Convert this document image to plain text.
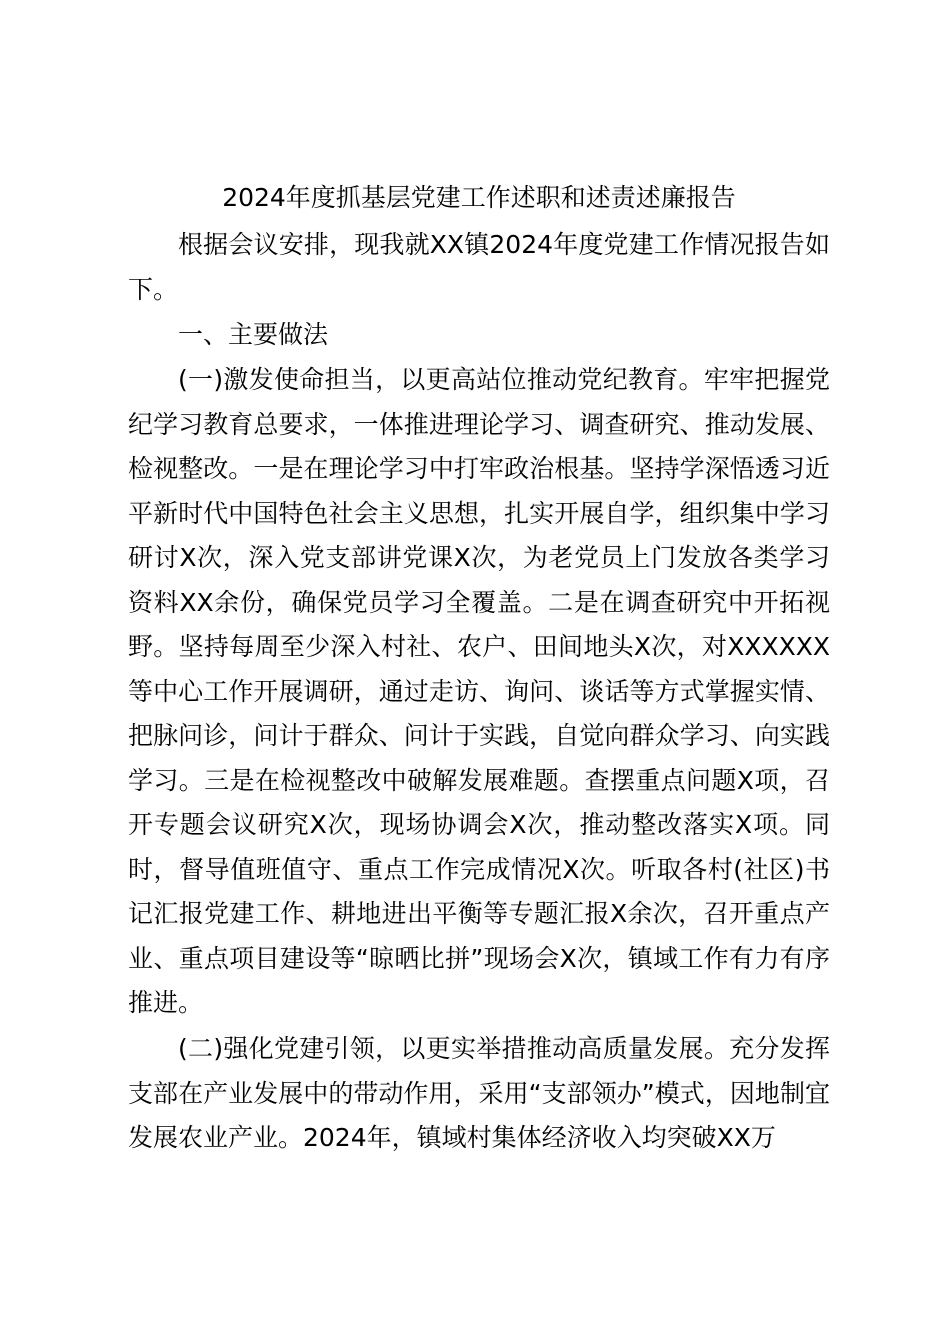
2024年度抓基层党建工作述职和述责述廉报告

根据会议安排，现我就XX镇2024年度党建工作情况报告如下。

一、主要做法

(一)激发使命担当，以更高站位推动党纪教育。牢牢把握党纪学习教育总要求，一体推进理论学习、调查研究、推动发展、检视整改。一是在理论学习中打牢政治根基。坚持学深悟透习近平新时代中国特色社会主义思想，扎实开展自学，组织集中学习研讨X次，深入党支部讲党课X次，为老党员上门发放各类学习资料XX余份，确保党员学习全覆盖。二是在调查研究中开拓视野。坚持每周至少深入村社、农户、田间地头X次，对XXXXXX等中心工作开展调研，通过走访、询问、谈话等方式掌握实情、把脉问诊，问计于群众、问计于实践，自觉向群众学习、向实践学习。三是在检视整改中破解发展难题。查摆重点问题X项，召开专题会议研究X次，现场协调会X次，推动整改落实X项。同时，督导值班值守、重点工作完成情况X次。听取各村(社区)书记汇报党建工作、耕地进出平衡等专题汇报X余次，召开重点产业、重点项目建设等“晾晒比拼”现场会X次，镇域工作有力有序推进。

(二)强化党建引领，以更实举措推动高质量发展。充分发挥支部在产业发展中的带动作用，采用“支部领办”模式，因地制宜发展农业产业。2024年，镇域村集体经济收入均突破XX万
